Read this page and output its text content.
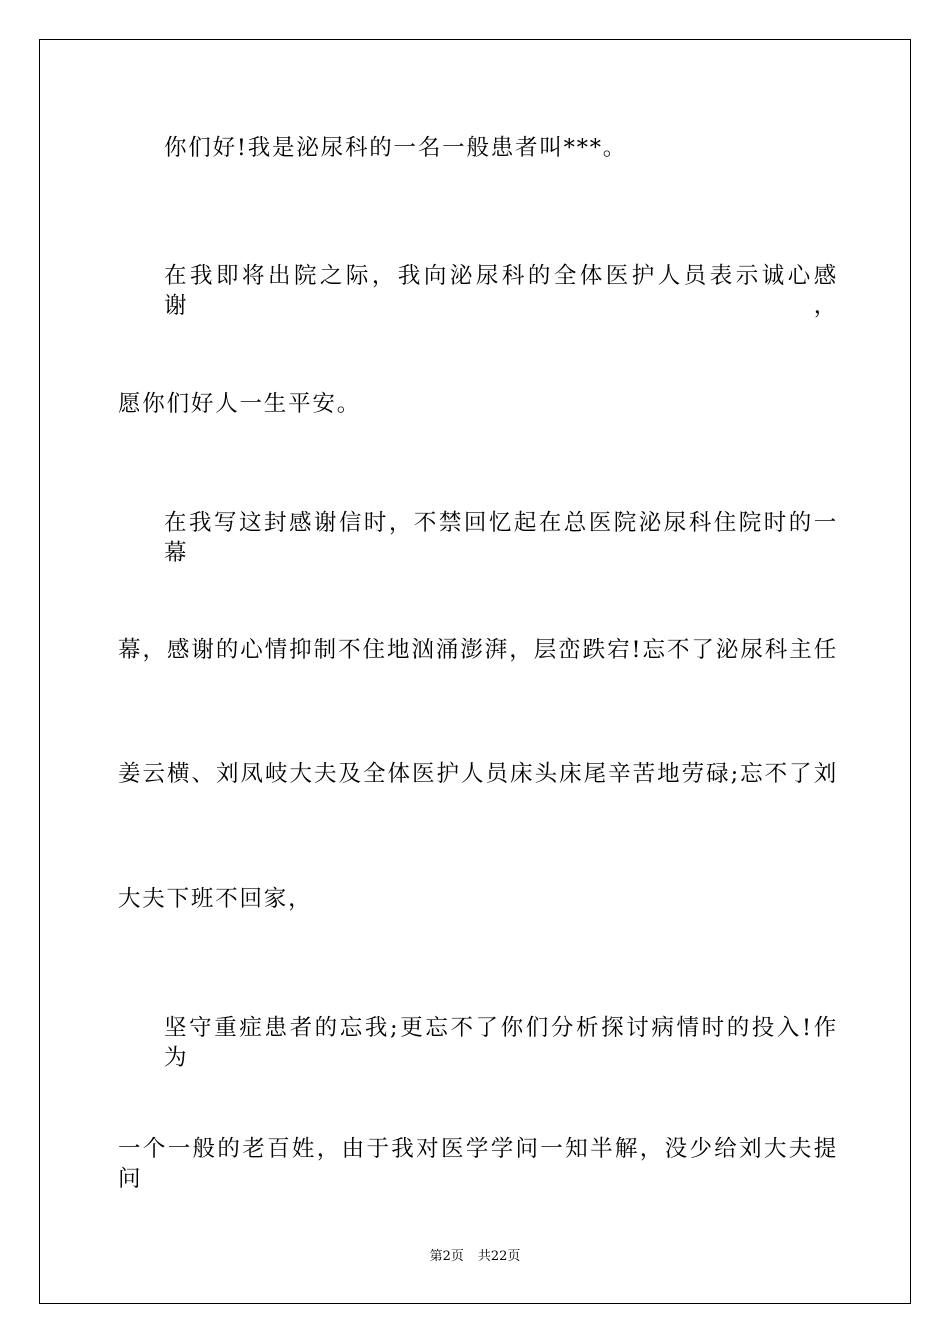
你们好!我是泌尿科的一名一般患者叫***。
在我即将出院之际，我向泌尿科的全体医护人员表示诚心感谢，
愿你们好人一生平安。
在我写这封感谢信时，不禁回忆起在总医院泌尿科住院时的一幕
幕，感谢的心情抑制不住地汹涌澎湃，层峦跌宕!忘不了泌尿科主任
姜云横、刘凤岐大夫及全体医护人员床头床尾辛苦地劳碌;忘不了刘
大夫下班不回家，
坚守重症患者的忘我;更忘不了你们分析探讨病情时的投入!作为
一个一般的老百姓，由于我对医学学问一知半解，没少给刘大夫提问
第2页 共22页
